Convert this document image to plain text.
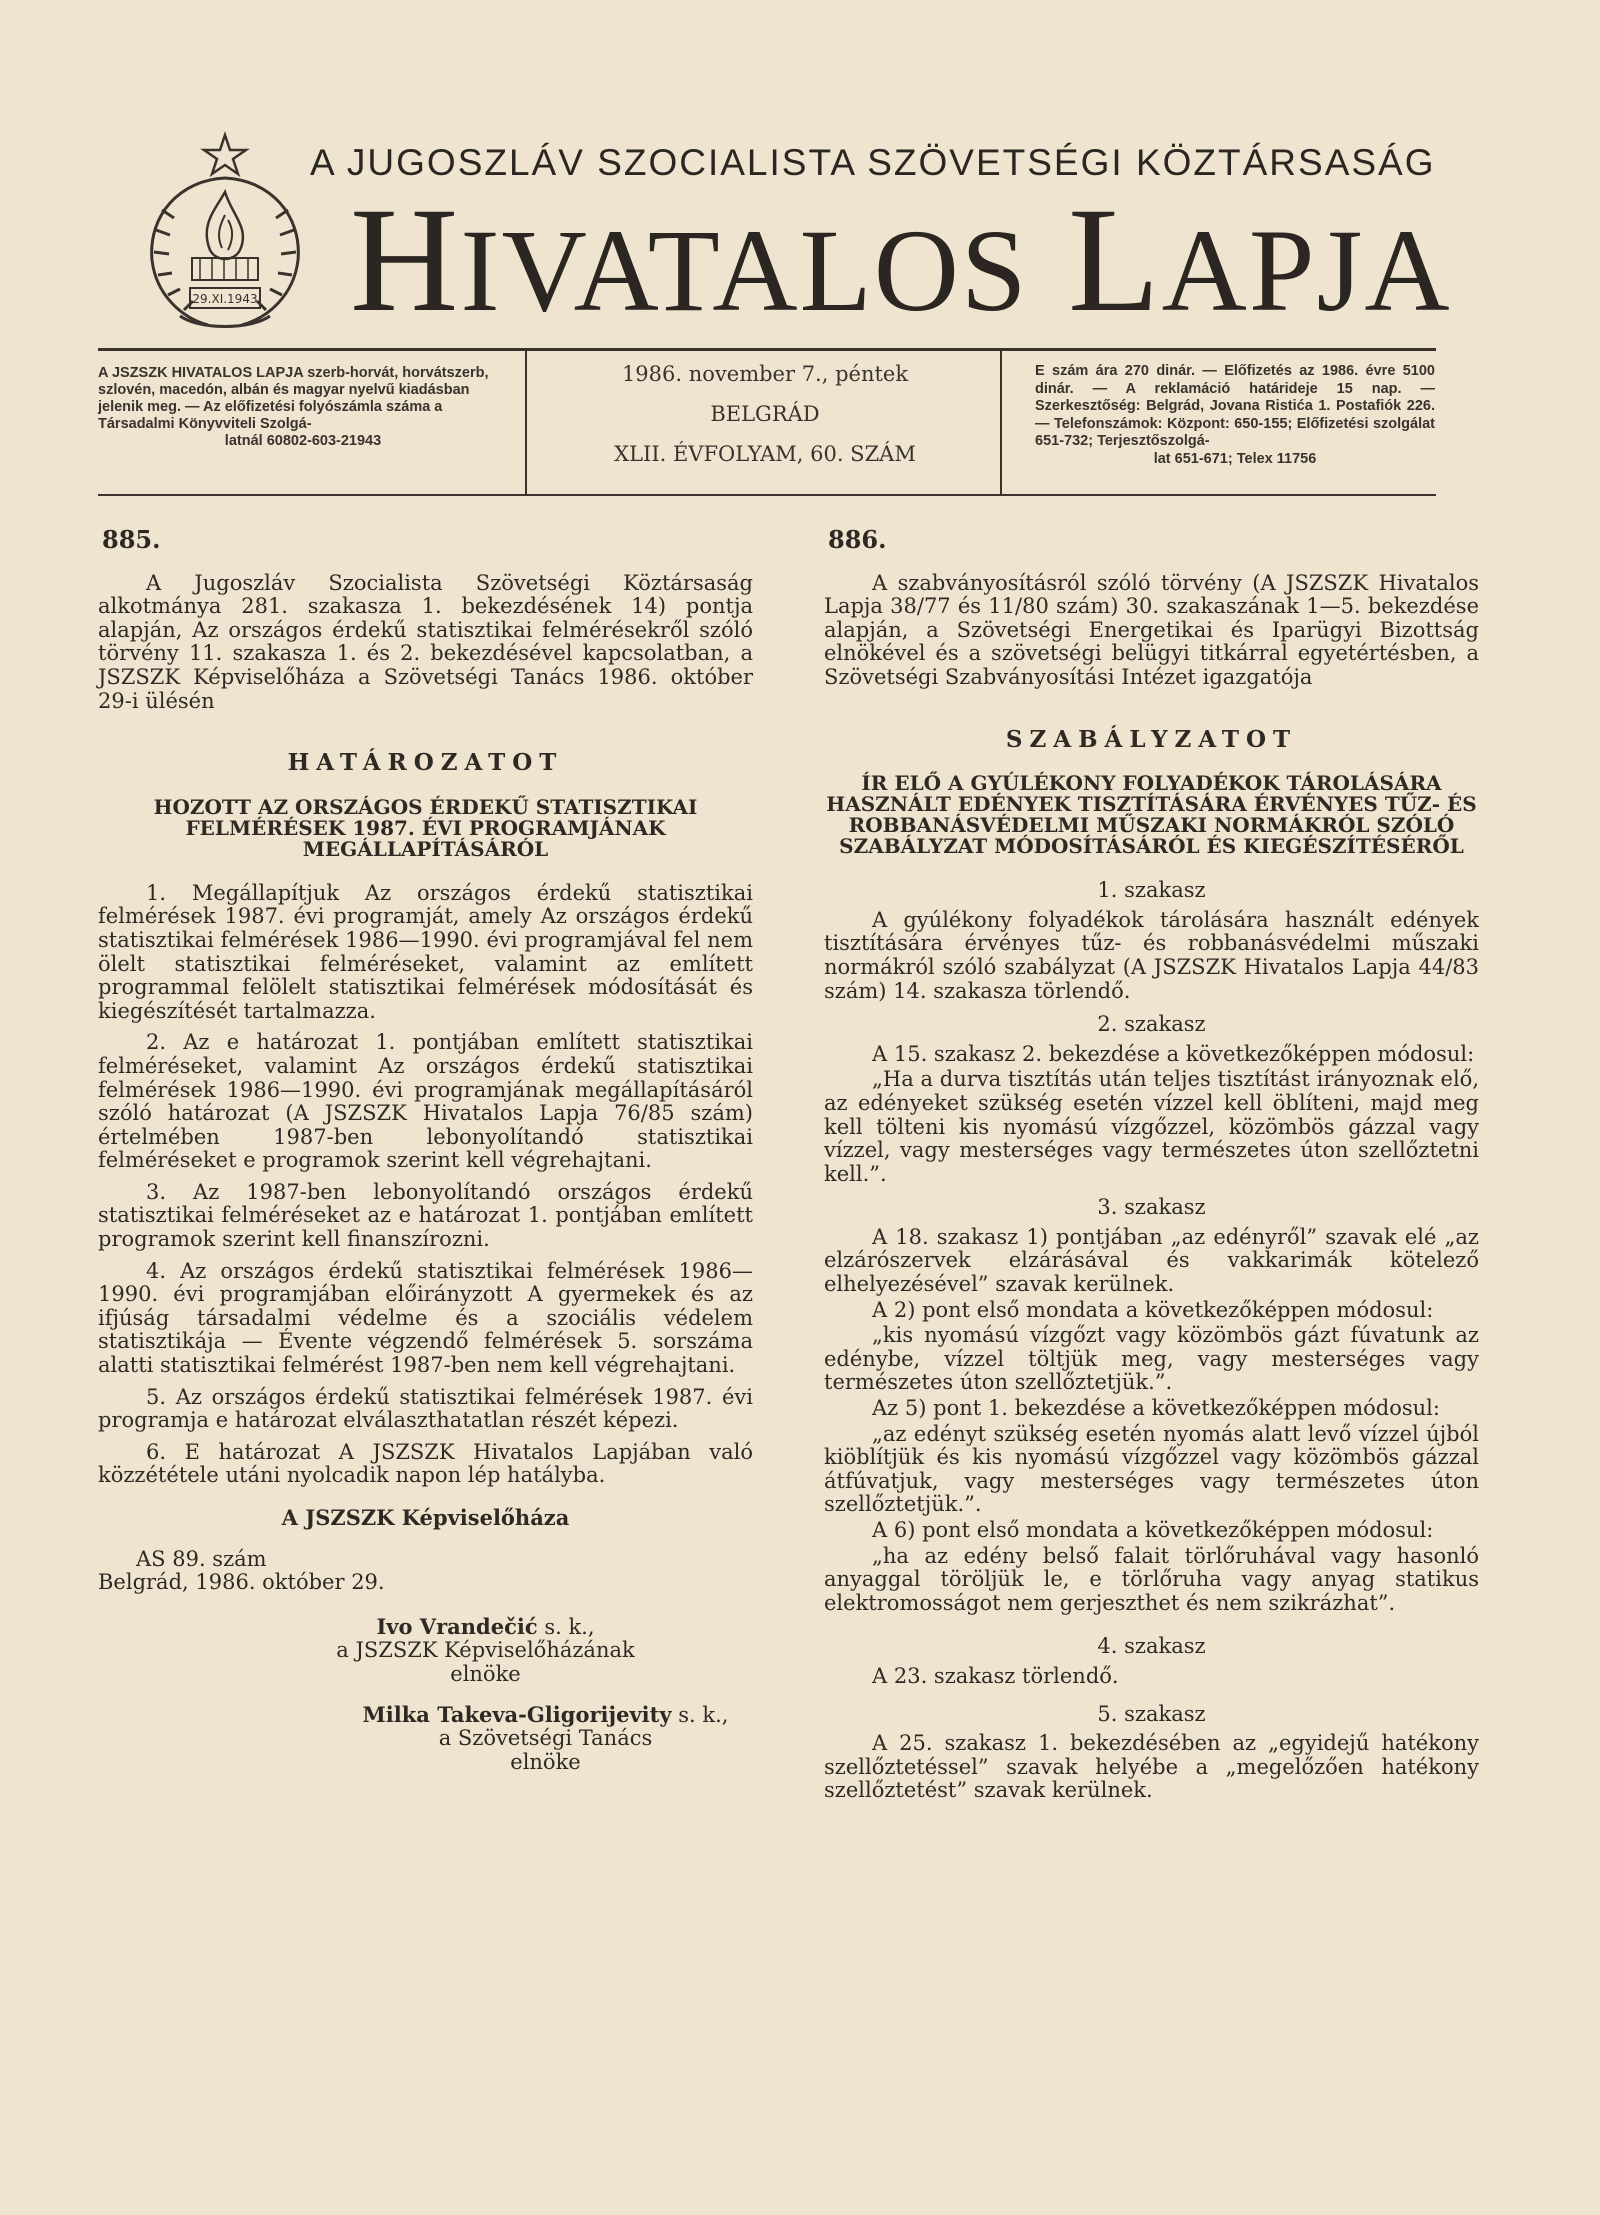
29.XI.1943
A JUGOSZLÁV SZOCIALISTA SZÖVETSÉGI KÖZTÁRSASÁG
HIVATALOS LAPJA
A JSZSZK HIVATALOS LAPJA szerb-horvát, horvátszerb, szlovén, macedón, albán és magyar nyelvű kiadásban jelenik meg. — Az előfizetési folyószámla száma a Társadalmi Könyvviteli Szolgá-
latnál 60802-603-21943
1986. november 7., péntek
BELGRÁD
XLII. ÉVFOLYAM, 60. SZÁM
E szám ára 270 dinár. — Előfizetés az 1986. évre 5100 dinár. — A reklamáció határideje 15 nap. — Szerkesztőség: Belgrád, Jovana Ristića 1. Postafiók 226. — Telefonszámok: Központ: 650-155; Előfizetési szolgálat 651-732; Terjesztőszolgá-
lat 651-671; Telex 11756
885.

A Jugoszláv Szocialista Szövetségi Köztársaság alkotmánya 281. szakasza 1. bekezdésének 14) pontja alapján, Az országos érdekű statisztikai felmérésekről szóló törvény 11. szakasza 1. és 2. bekezdésével kapcsolatban, a JSZSZK Képviselőháza a Szövetségi Tanács 1986. október 29-i ülésén

HATÁROZATOT
HOZOTT AZ ORSZÁGOS ÉRDEKŰ STATISZTIKAI FELMÉRÉSEK 1987. ÉVI PROGRAMJÁNAK MEGÁLLAPÍTÁSÁRÓL

1. Megállapítjuk Az országos érdekű statisztikai felmérések 1987. évi programját, amely Az országos érdekű statisztikai felmérések 1986—1990. évi programjával fel nem ölelt statisztikai felméréseket, valamint az említett programmal felölelt statisztikai felmérések módosítását és kiegészítését tartalmazza.

2. Az e határozat 1. pontjában említett statisztikai felméréseket, valamint Az országos érdekű statisztikai felmérések 1986—1990. évi programjának megállapításáról szóló határozat (A JSZSZK Hivatalos Lapja 76/85 szám) értelmében 1987-ben lebonyolítandó statisztikai felméréseket e programok szerint kell végrehajtani.

3. Az 1987-ben lebonyolítandó országos érdekű statisztikai felméréseket az e határozat 1. pontjában említett programok szerint kell finanszírozni.

4. Az országos érdekű statisztikai felmérések 1986—1990. évi programjában előirányzott A gyermekek és az ifjúság társadalmi védelme és a szociális védelem statisztikája — Évente végzendő felmérések 5. sorszáma alatti statisztikai felmérést 1987-ben nem kell végrehajtani.

5. Az országos érdekű statisztikai felmérések 1987. évi programja e határozat elválaszthatatlan részét képezi.

6. E határozat A JSZSZK Hivatalos Lapjában való közzététele utáni nyolcadik napon lép hatályba.

A JSZSZK Képviselőháza
AS 89. szám
Belgrád, 1986. október 29.
Ivo Vrandečić s. k.,
a JSZSZK Képviselőházának
elnöke
Milka Takeva-Gligorijevity s. k.,
a Szövetségi Tanács
elnöke
886.

A szabványosításról szóló törvény (A JSZSZK Hivatalos Lapja 38/77 és 11/80 szám) 30. szakaszának 1—5. bekezdése alapján, a Szövetségi Energetikai és Iparügyi Bizottság elnökével és a szövetségi belügyi titkárral egyetértésben, a Szövetségi Szabványosítási Intézet igazgatója

SZABÁLYZATOT
ÍR ELŐ A GYÚLÉKONY FOLYADÉKOK TÁROLÁSÁRA HASZNÁLT EDÉNYEK TISZTÍTÁSÁRA ÉRVÉNYES TŰZ- ÉS ROBBANÁSVÉDELMI MŰSZAKI NORMÁKRÓL SZÓLÓ SZABÁLYZAT MÓDOSÍTÁSÁRÓL ÉS KIEGÉSZÍTÉSÉRŐL
1. szakasz

A gyúlékony folyadékok tárolására használt edények tisztítására érvényes tűz- és robbanásvédelmi műszaki normákról szóló szabályzat (A JSZSZK Hivatalos Lapja 44/83 szám) 14. szakasza törlendő.

2. szakasz

A 15. szakasz 2. bekezdése a következőképpen módosul:

„Ha a durva tisztítás után teljes tisztítást irányoznak elő, az edényeket szükség esetén vízzel kell öblíteni, majd meg kell tölteni kis nyomású vízgőzzel, közömbös gázzal vagy vízzel, vagy mesterséges vagy természetes úton szellőztetni kell.”.

3. szakasz

A 18. szakasz 1) pontjában „az edényről” szavak elé „az elzárószervek elzárásával és vakkarimák kötelező elhelyezésével” szavak kerülnek.

A 2) pont első mondata a következőképpen módosul:

„kis nyomású vízgőzt vagy közömbös gázt fúvatunk az edénybe, vízzel töltjük meg, vagy mesterséges vagy természetes úton szellőztetjük.”.

Az 5) pont 1. bekezdése a következőképpen módosul:

„az edényt szükség esetén nyomás alatt levő vízzel újból kiöblítjük és kis nyomású vízgőzzel vagy közömbös gázzal átfúvatjuk, vagy mesterséges vagy természetes úton szellőztetjük.”.

A 6) pont első mondata a következőképpen módosul:

„ha az edény belső falait törlőruhával vagy hasonló anyaggal töröljük le, e törlőruha vagy anyag statikus elektromosságot nem gerjeszthet és nem szikrázhat”.

4. szakasz

A 23. szakasz törlendő.

5. szakasz

A 25. szakasz 1. bekezdésében az „egyidejű hatékony szellőztetéssel” szavak helyébe a „megelőzően hatékony szellőztetést” szavak kerülnek.
